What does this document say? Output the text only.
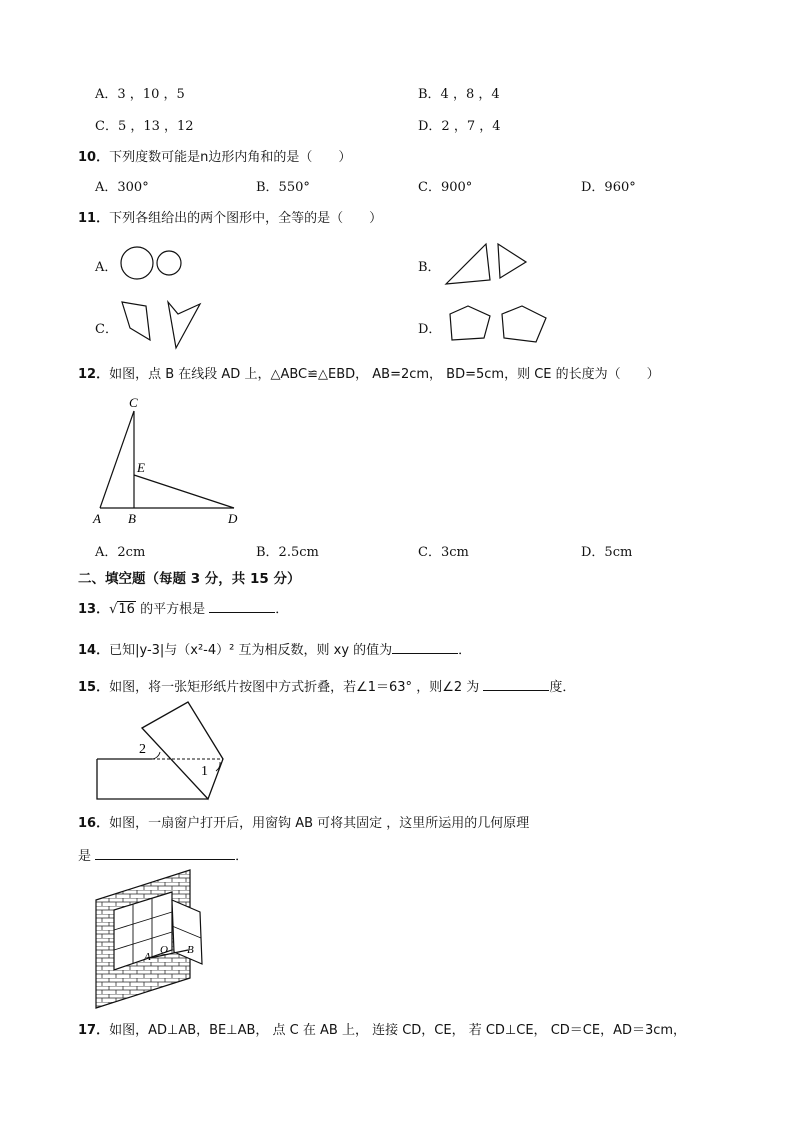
A．3 ，10 ，5	B．4 ，8 ，4
C．5 ，13 ，12	D．2 ，7 ，4
10．下列度数可能是n边形内角和的是（　　）
A．300°	B．550°	C．900°	D．960°
11．下列各组给出的两个图形中，全等的是（　　）
A．	B．
C．	D．
12．如图，点 B 在线段 AD 上，△ABC≌△EBD， AB=2cm， BD=5cm，则 CE 的长度为（　　）
C
E
A B	D
A．2cm	B．2.5cm	C．3cm	D．5cm
二、填空题（每题 3 分，共 15 分）
13．√16 的平方根是	．
14．已知|y-3|与（x²-4）² 互为相反数，则 xy 的值为	．
15．如图，将一张矩形纸片按图中方式折叠，若∠1＝63° ，则∠2 为	度．
2
1
16．如图，一扇窗户打开后，用窗钩 AB 可将其固定 ，这里所运用的几何原理
是	．
A
O B
17．如图，AD⊥AB，BE⊥AB， 点 C 在 AB 上， 连接 CD，CE， 若 CD⊥CE， CD＝CE，AD＝3cm，
